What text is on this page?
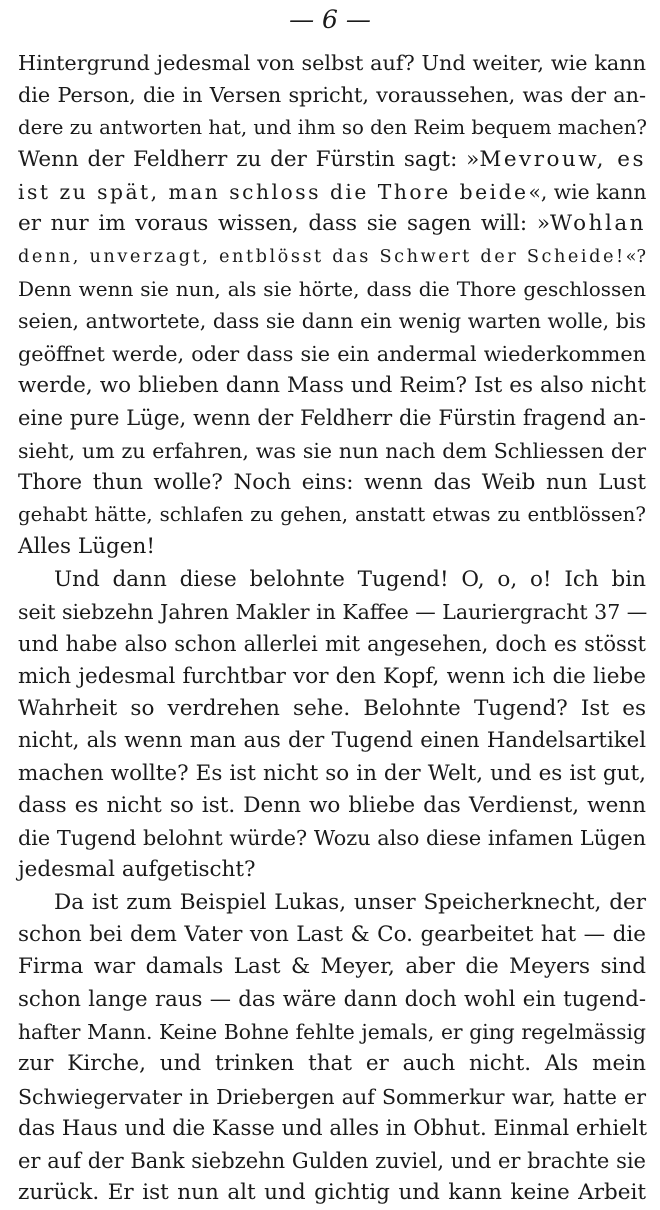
— 6 —
Hintergrund jedesmal von selbst auf? Und weiter, wie kann
die Person, die in Versen spricht, voraussehen, was der an-
dere zu antworten hat, und ihm so den Reim bequem machen?
Wenn der Feldherr zu der Fürstin sagt: »Mevrouw, es
ist zu spät, man schloss die Thore beide«, wie kann
er nur im voraus wissen, dass sie sagen will: »Wohlan
denn, unverzagt, entblösst das Schwert der Scheide!«?
Denn wenn sie nun, als sie hörte, dass die Thore geschlossen
seien, antwortete, dass sie dann ein wenig warten wolle, bis
geöffnet werde, oder dass sie ein andermal wiederkommen
werde, wo blieben dann Mass und Reim? Ist es also nicht
eine pure Lüge, wenn der Feldherr die Fürstin fragend an-
sieht, um zu erfahren, was sie nun nach dem Schliessen der
Thore thun wolle? Noch eins: wenn das Weib nun Lust
gehabt hätte, schlafen zu gehen, anstatt etwas zu entblössen?
Alles Lügen!
Und dann diese belohnte Tugend! O, o, o! Ich bin
seit siebzehn Jahren Makler in Kaffee — Lauriergracht 37 —
und habe also schon allerlei mit angesehen, doch es stösst
mich jedesmal furchtbar vor den Kopf, wenn ich die liebe
Wahrheit so verdrehen sehe. Belohnte Tugend? Ist es
nicht, als wenn man aus der Tugend einen Handelsartikel
machen wollte? Es ist nicht so in der Welt, und es ist gut,
dass es nicht so ist. Denn wo bliebe das Verdienst, wenn
die Tugend belohnt würde? Wozu also diese infamen Lügen
jedesmal aufgetischt?
Da ist zum Beispiel Lukas, unser Speicherknecht, der
schon bei dem Vater von Last & Co. gearbeitet hat — die
Firma war damals Last & Meyer, aber die Meyers sind
schon lange raus — das wäre dann doch wohl ein tugend-
hafter Mann. Keine Bohne fehlte jemals, er ging regelmässig
zur Kirche, und trinken that er auch nicht. Als mein
Schwiegervater in Driebergen auf Sommerkur war, hatte er
das Haus und die Kasse und alles in Obhut. Einmal erhielt
er auf der Bank siebzehn Gulden zuviel, und er brachte sie
zurück. Er ist nun alt und gichtig und kann keine Arbeit
